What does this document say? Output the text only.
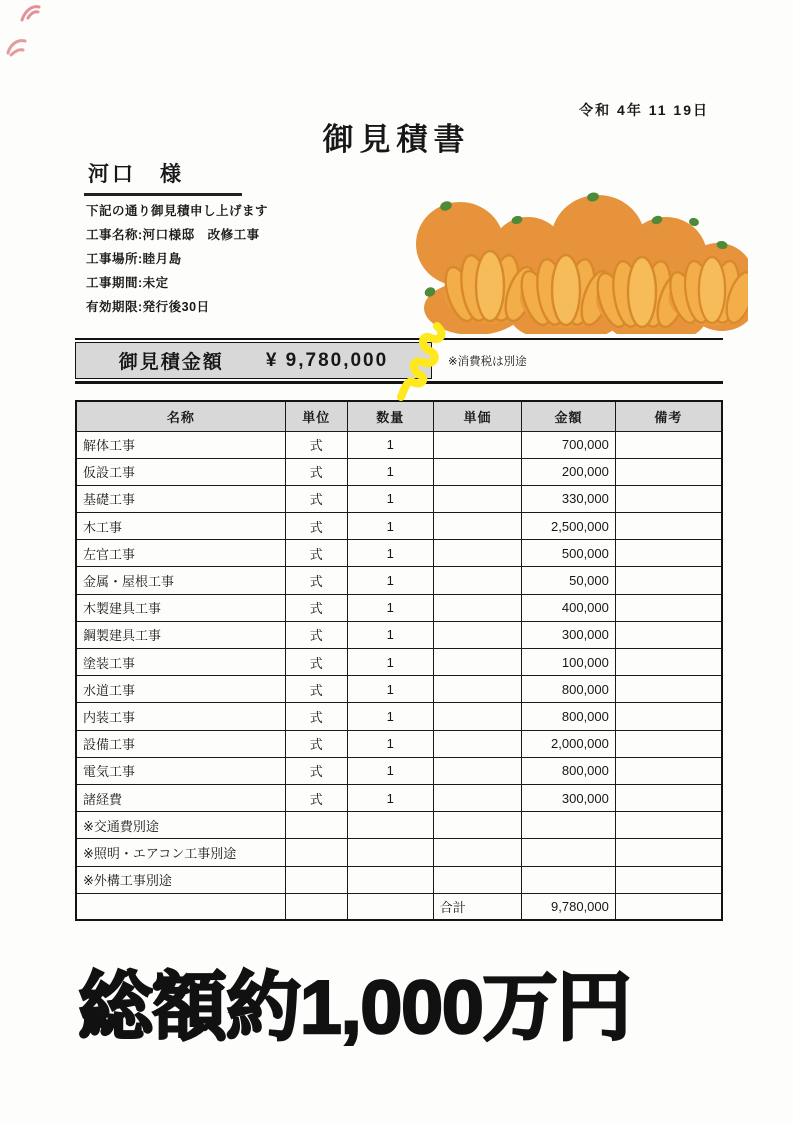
令和 4年 11 19日
御見積書
河口　様
下記の通り御見積申し上げます
工事名称:河口様邸　改修工事
工事場所:睦月島
工事期間:未定
有効期限:発行後30日
御見積金額 ¥ 9,780,000	※消費税は別途
名称	単位	数量	単価	金額	備考
解体工事	式	1		700,000	
仮設工事	式	1		200,000	
基礎工事	式	1		330,000	
木工事	式	1		2,500,000	
左官工事	式	1		500,000	
金属・屋根工事	式	1		50,000	
木製建具工事	式	1		400,000	
鋼製建具工事	式	1		300,000	
塗装工事	式	1		100,000	
水道工事	式	1		800,000	
内装工事	式	1		800,000	
設備工事	式	1		2,000,000	
電気工事	式	1		800,000	
諸経費	式	1		300,000	
※交通費別途					
※照明・エアコン工事別途					
※外構工事別途					
			合計	9,780,000	
総額約1,000万円
